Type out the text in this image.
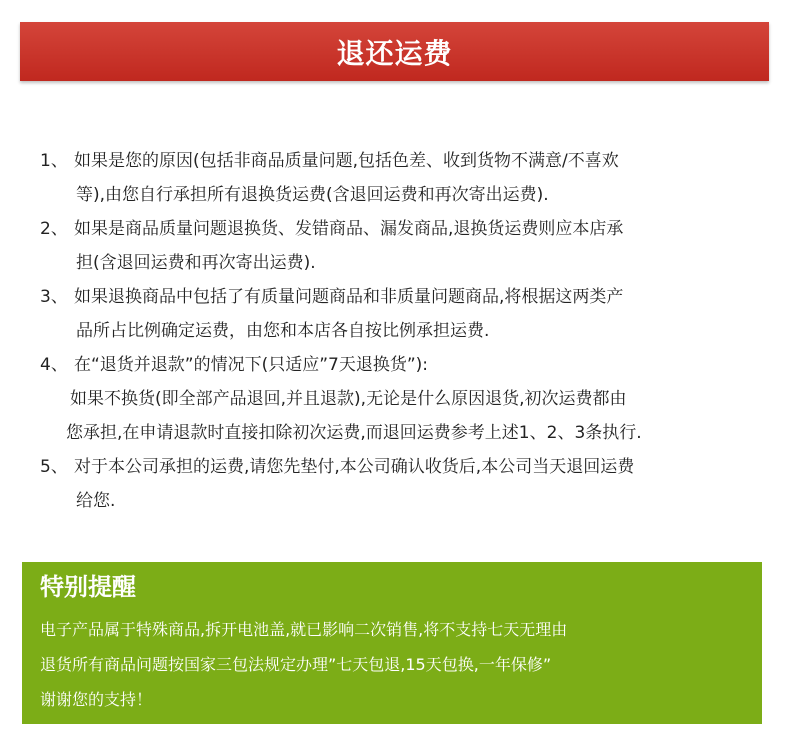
退还运费
1、 如果是您的原因(包括非商品质量问题,包括色差、收到货物不满意/不喜欢
等),由您自行承担所有退换货运费(含退回运费和再次寄出运费).
2、 如果是商品质量问题退换货、发错商品、漏发商品,退换货运费则应本店承
担(含退回运费和再次寄出运费).
3、 如果退换商品中包括了有质量问题商品和非质量问题商品,将根据这两类产
品所占比例确定运费，由您和本店各自按比例承担运费.
4、 在“退货并退款”的情况下(只适应”7天退换货”):
如果不换货(即全部产品退回,并且退款),无论是什么原因退货,初次运费都由
您承担,在申请退款时直接扣除初次运费,而退回运费参考上述1、2、3条执行.
5、 对于本公司承担的运费,请您先垫付,本公司确认收货后,本公司当天退回运费
给您.
特别提醒
电子产品属于特殊商品,拆开电池盖,就已影响二次销售,将不支持七天无理由
退货所有商品问题按国家三包法规定办理”七天包退,15天包换,一年保修”
谢谢您的支持！
